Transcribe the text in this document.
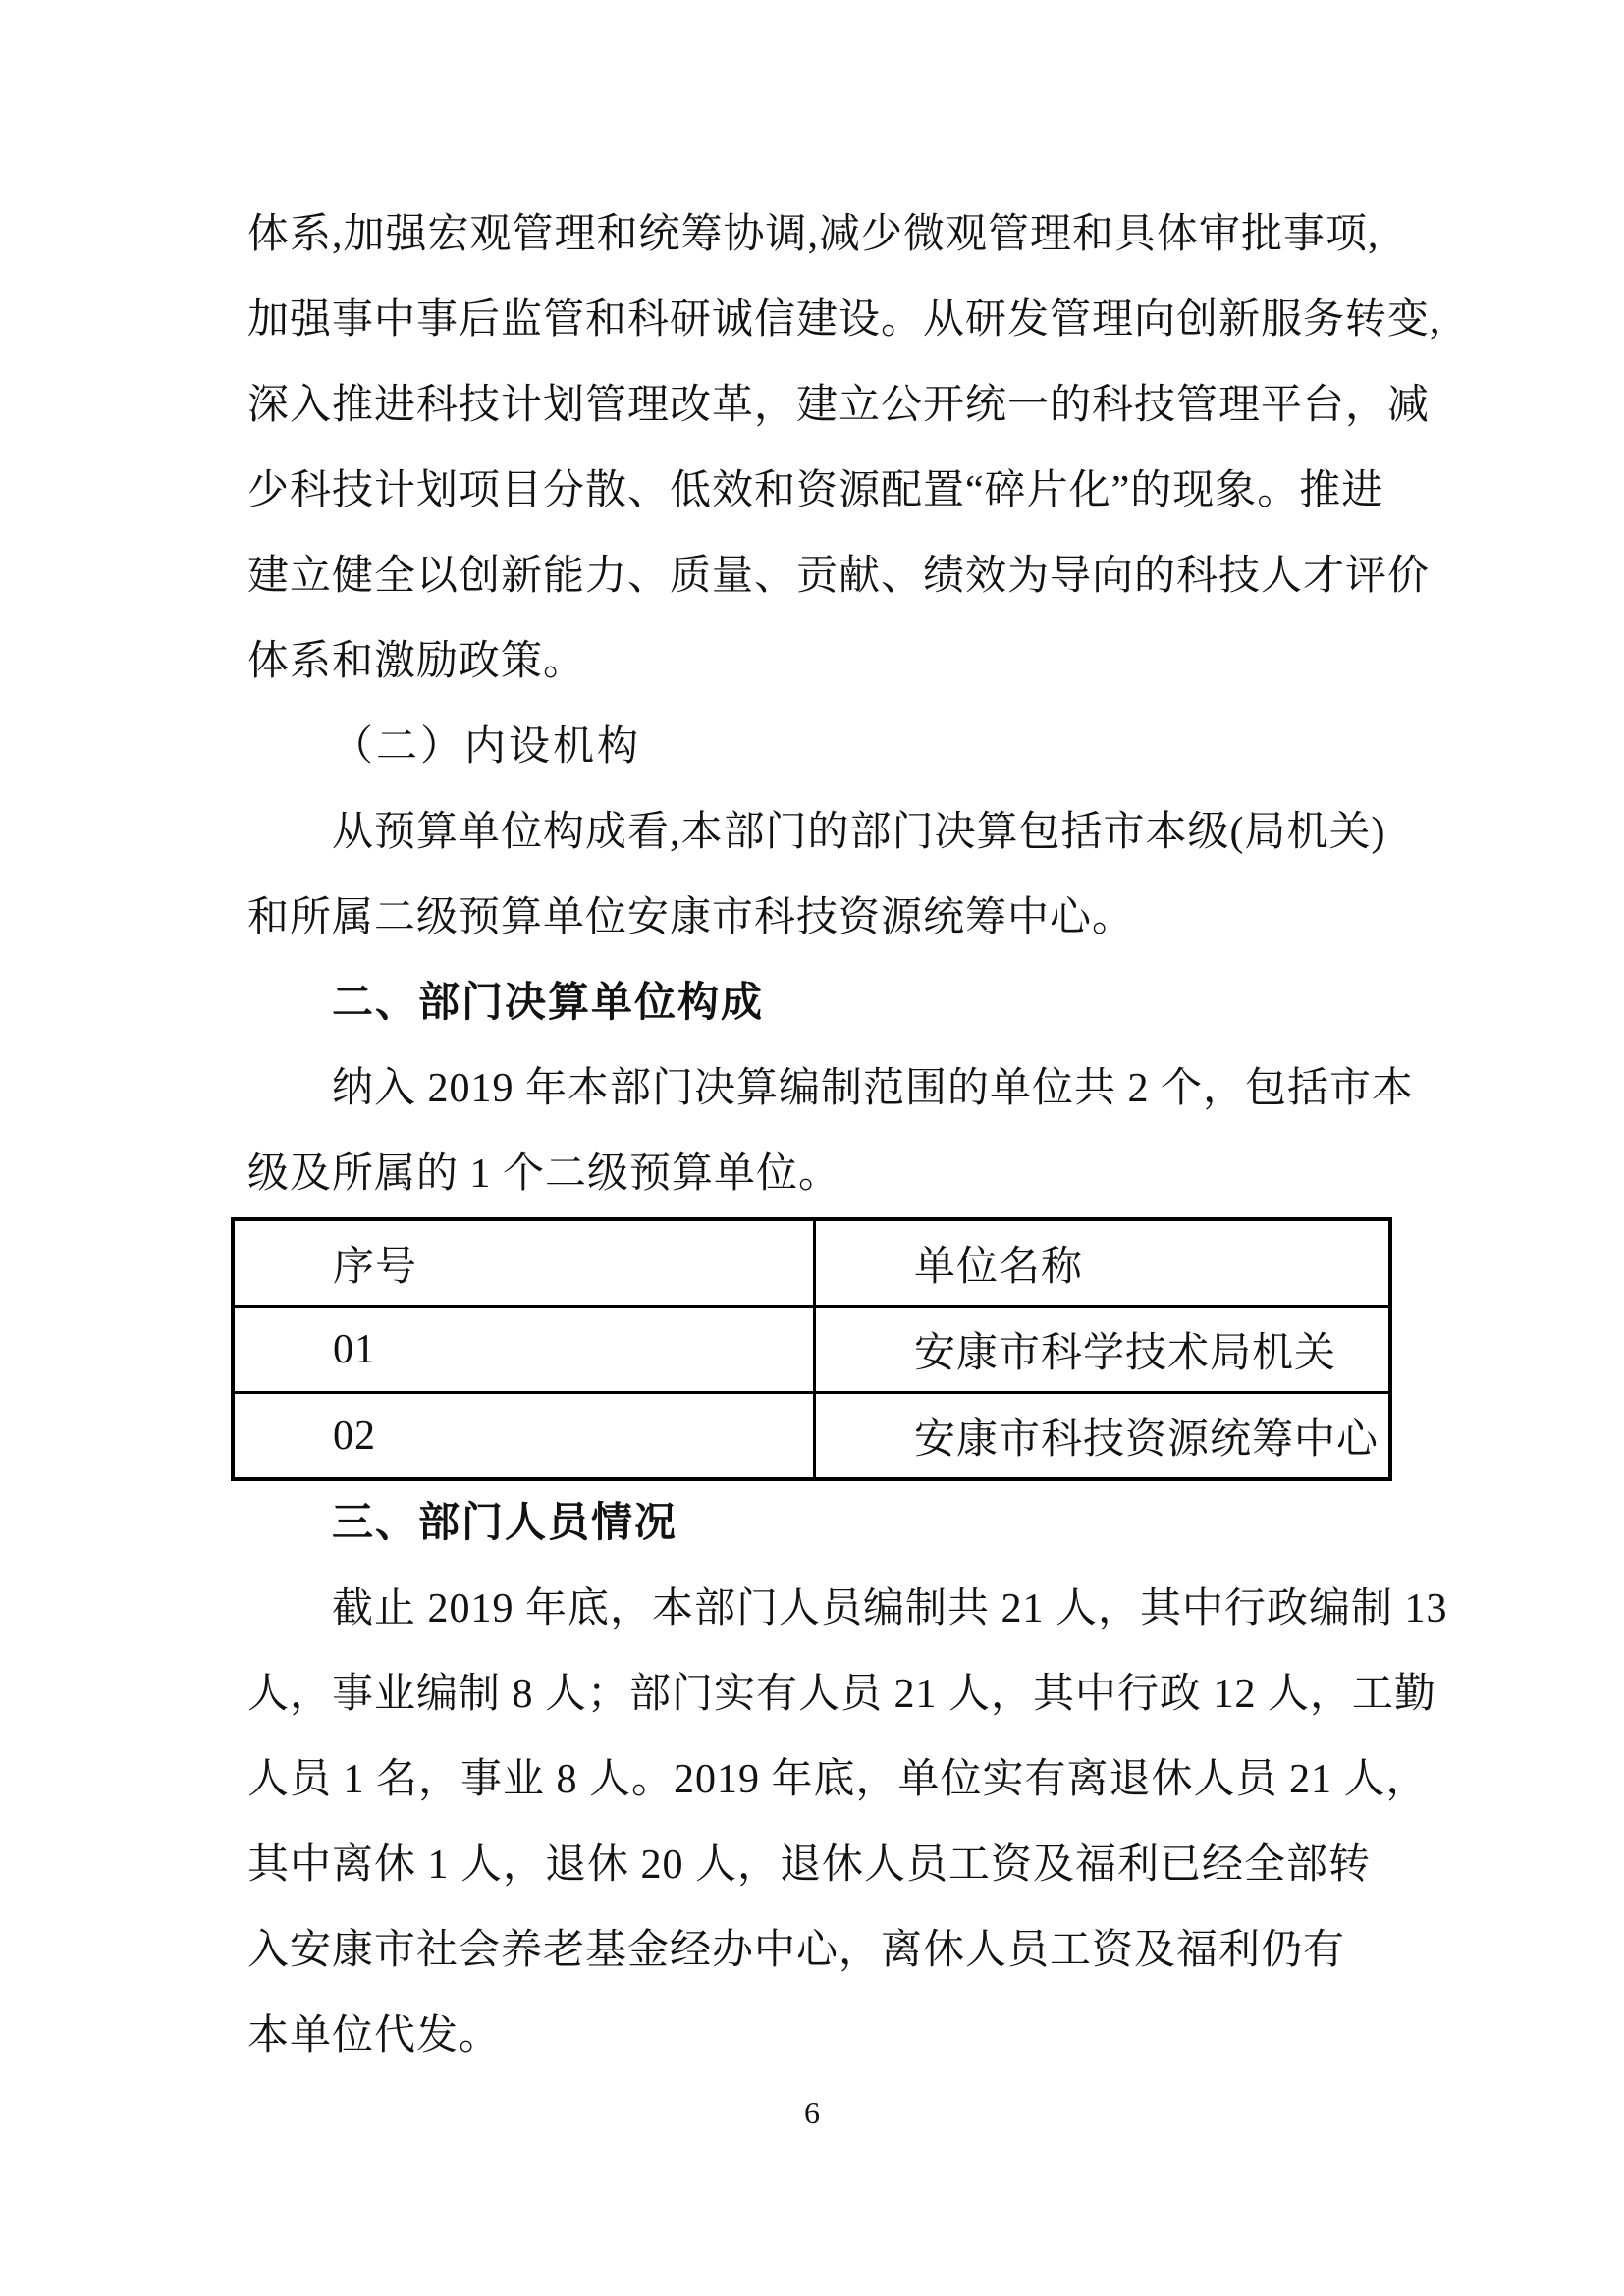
体系,加强宏观管理和统筹协调,减少微观管理和具体审批事项,
加强事中事后监管和科研诚信建设。从研发管理向创新服务转变,
深入推进科技计划管理改革，建立公开统一的科技管理平台，减
少科技计划项目分散、低效和资源配置“碎片化”的现象。推进
建立健全以创新能力、质量、贡献、绩效为导向的科技人才评价
体系和激励政策。
（二）内设机构
从预算单位构成看,本部门的部门决算包括市本级(局机关)
和所属二级预算单位安康市科技资源统筹中心。
二、部门决算单位构成
纳入 2019 年本部门决算编制范围的单位共 2 个，包括市本
级及所属的 1 个二级预算单位。
序号	单位名称
01	安康市科学技术局机关
02	安康市科技资源统筹中心
三、部门人员情况
截止 2019 年底，本部门人员编制共 21 人，其中行政编制 13
人，事业编制 8 人；部门实有人员 21 人，其中行政 12 人，工勤
人员 1 名，事业 8 人。2019 年底，单位实有离退休人员 21 人，
其中离休 1 人，退休 20 人，退休人员工资及福利已经全部转
入安康市社会养老基金经办中心，离休人员工资及福利仍有
本单位代发。
6
